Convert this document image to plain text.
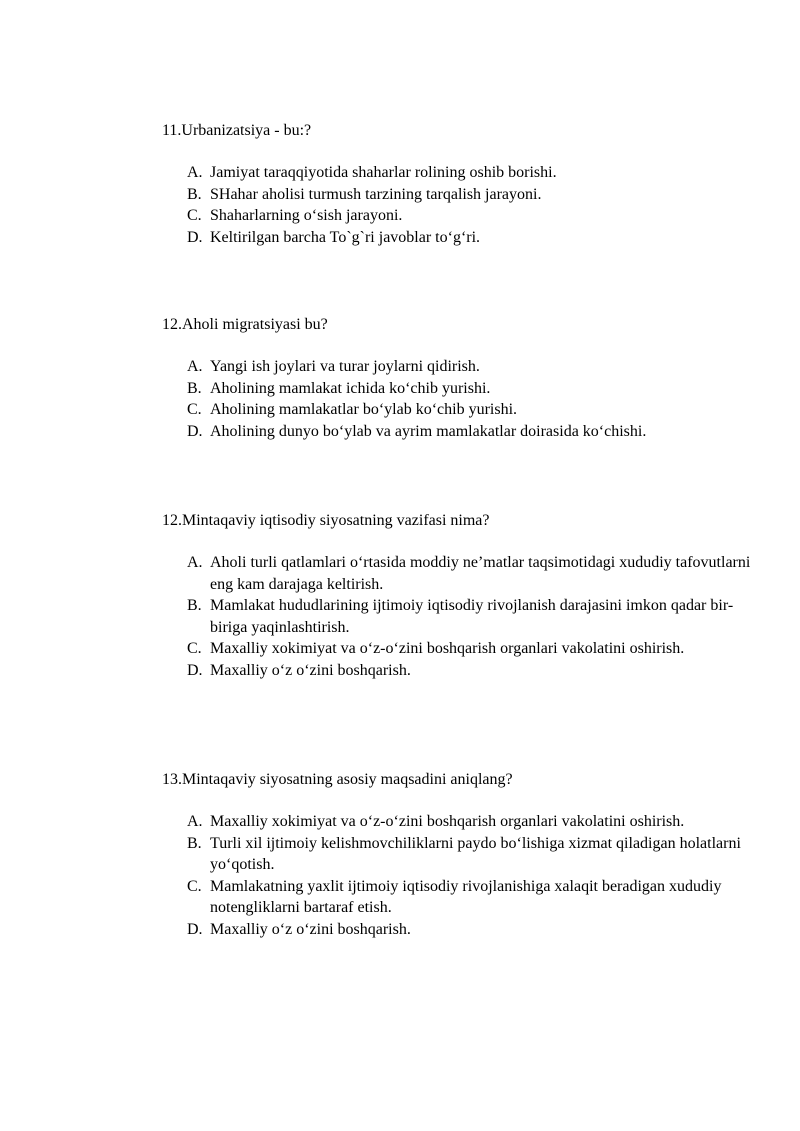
11.Urbanizatsiya - bu:?

A. Jamiyat taraqqiyotida shaharlar rolining oshib borishi.
B. SHahar aholisi turmush tarzining tarqalish jarayoni.
C. Shaharlarning o‘sish jarayoni.
D. Keltirilgan barcha To`g`ri javoblar to‘g‘ri.

12.Aholi migratsiyasi bu?

A. Yangi ish joylari va turar joylarni qidirish.
B. Aholining mamlakat ichida ko‘chib yurishi.
C. Aholining mamlakatlar bo‘ylab ko‘chib yurishi.
D. Aholining dunyo bo‘ylab va ayrim mamlakatlar doirasida ko‘chishi.

12.Mintaqaviy iqtisodiy siyosatning vazifasi nima?

A. Aholi turli qatlamlari o‘rtasida moddiy ne’matlar taqsimotidagi xududiy tafovutlarni eng kam darajaga keltirish.
B. Mamlakat hududlarining ijtimoiy iqtisodiy rivojlanish darajasini imkon qadar bir-biriga yaqinlashtirish.
C. Maxalliy xokimiyat va o‘z-o‘zini boshqarish organlari vakolatini oshirish.
D. Maxalliy o‘z o‘zini boshqarish.

13.Mintaqaviy siyosatning asosiy maqsadini aniqlang?

A. Maxalliy xokimiyat va o‘z-o‘zini boshqarish organlari vakolatini oshirish.
B. Turli xil ijtimoiy kelishmovchiliklarni paydo bo‘lishiga xizmat qiladigan holatlarni yo‘qotish.
C. Mamlakatning yaxlit ijtimoiy iqtisodiy rivojlanishiga xalaqit beradigan xududiy notengliklarni bartaraf etish.
D. Maxalliy o‘z o‘zini boshqarish.
